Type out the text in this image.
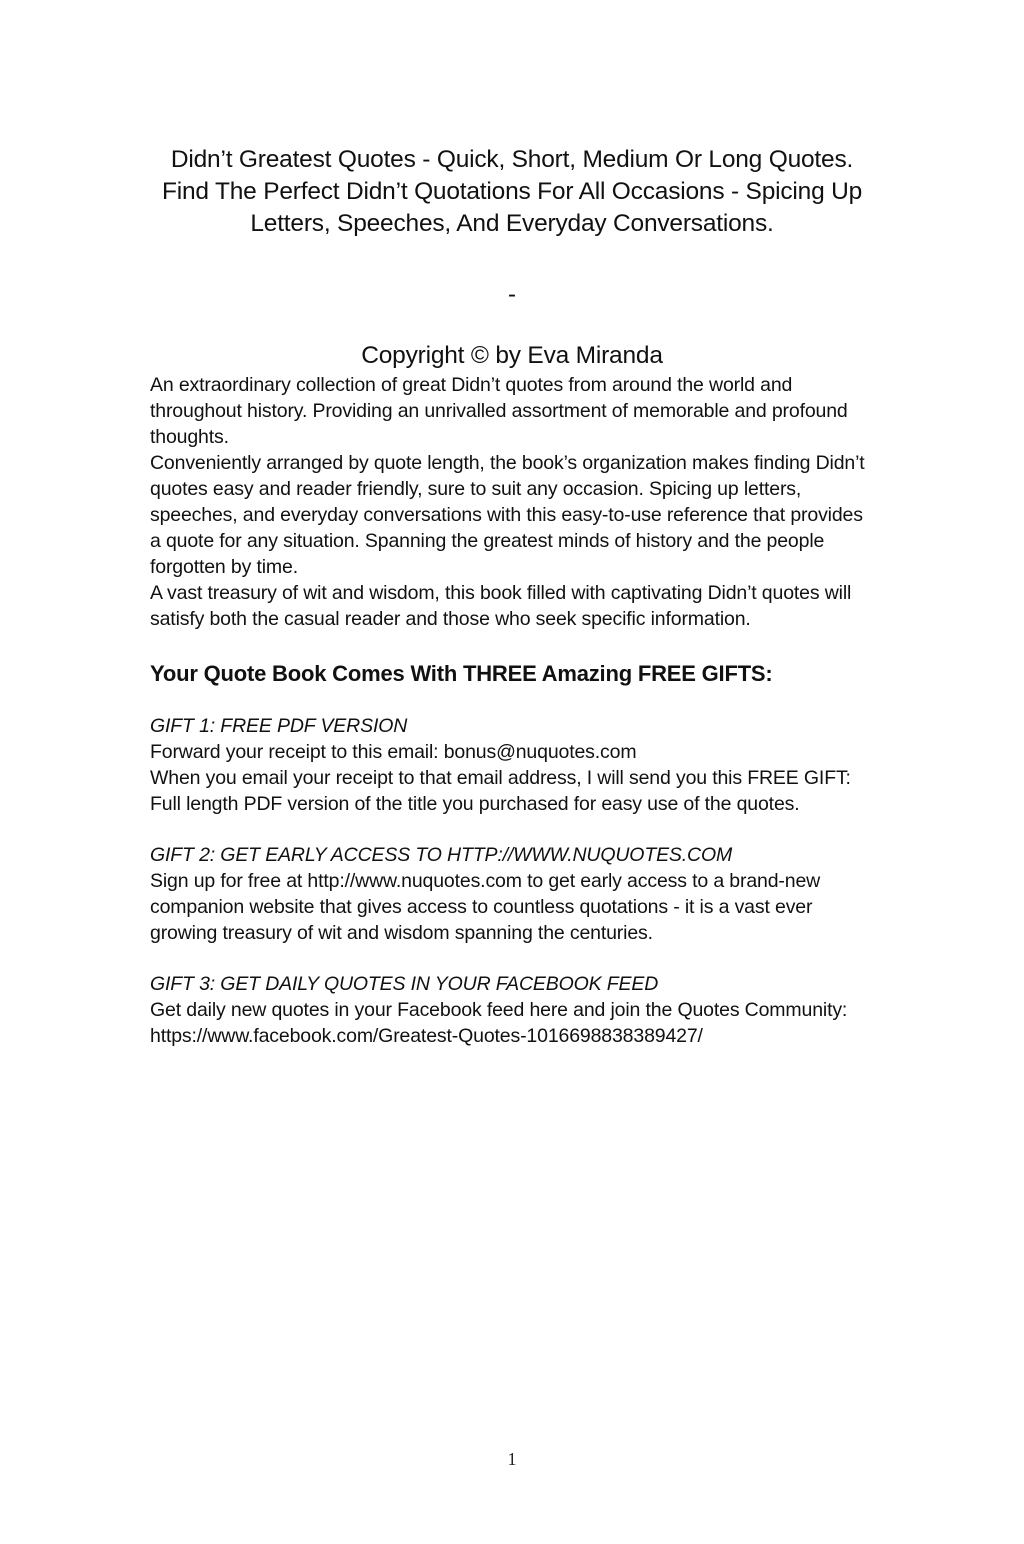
Didn’t Greatest Quotes - Quick, Short, Medium Or Long Quotes. Find The Perfect Didn’t Quotations For All Occasions - Spicing Up Letters, Speeches, And Everyday Conversations.
-
Copyright © by Eva Miranda

An extraordinary collection of great Didn’t quotes from around the world and throughout history. Providing an unrivalled assortment of memorable and profound thoughts.

Conveniently arranged by quote length, the book’s organization makes finding Didn’t quotes easy and reader friendly, sure to suit any occasion. Spicing up letters, speeches, and everyday conversations with this easy-to-use reference that provides a quote for any situation. Spanning the greatest minds of history and the people forgotten by time.

A vast treasury of wit and wisdom, this book filled with captivating Didn’t quotes will satisfy both the casual reader and those who seek specific information.

Your Quote Book Comes With THREE Amazing FREE GIFTS:
GIFT 1: FREE PDF VERSION

Forward your receipt to this email: bonus@nuquotes.com

When you email your receipt to that email address, I will send you this FREE GIFT: Full length PDF version of the title you purchased for easy use of the quotes.

GIFT 2: GET EARLY ACCESS TO HTTP://WWW.NUQUOTES.COM

Sign up for free at http://www.nuquotes.com to get early access to a brand-new companion website that gives access to countless quotations - it is a vast ever growing treasury of wit and wisdom spanning the centuries.

GIFT 3: GET DAILY QUOTES IN YOUR FACEBOOK FEED

Get daily new quotes in your Facebook feed here and join the Quotes Community:

https://www.facebook.com/Greatest-Quotes-1016698838389427/

1
